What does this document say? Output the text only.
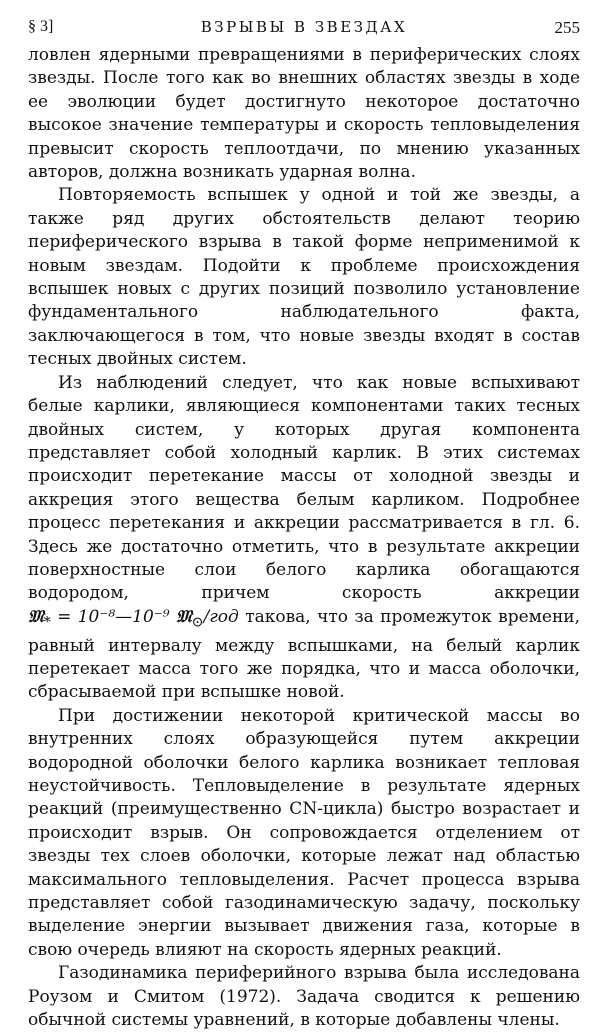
§ 3]	ВЗРЫВЫ В ЗВЕЗДАХ	255

ловлен ядерными превращениями в периферических слоях звезды. После того как во внешних областях звезды в ходе ее эволюции будет достигнуто некоторое достаточно высокое значение температуры и скорость тепловыделения превысит скорость теплоотдачи, по мнению указанных авторов, должна возникать ударная волна.

Повторяемость вспышек у одной и той же звезды, а также ряд других обстоятельств делают теорию периферического взрыва в такой форме неприменимой к новым звездам. Подойти к проблеме происхождения вспышек новых с других позиций позволило установление фундаментального наблюдательного факта, заключающегося в том, что новые звезды входят в состав тесных двойных систем.

Из наблюдений следует, что как новые вспыхивают белые карлики, являющиеся компонентами таких тесных двойных систем, у которых другая компонента представляет собой холодный карлик. В этих системах происходит перетекание массы от холодной звезды и аккреция этого вещества белым карликом. Подробнее процесс перетекания и аккреции рассматривается в гл. 6. Здесь же достаточно отметить, что в результате аккреции поверхностные слои белого карлика обогащаются водородом, причем скорость аккреции 𝔐$_*$ = 10⁻⁸—10⁻⁹ 𝔐$_⊙$/год такова, что за промежуток времени, равный интервалу между вспышками, на белый карлик перетекает масса того же порядка, что и масса оболочки, сбрасываемой при вспышке новой.

При достижении некоторой критической массы во внутренних слоях образующейся путем аккреции водородной оболочки белого карлика возникает тепловая неустойчивость. Тепловыделение в результате ядерных реакций (преимущественно CN-цикла) быстро возрастает и происходит взрыв. Он сопровождается отделением от звезды тех слоев оболочки, которые лежат над областью максимального тепловыделения. Расчет процесса взрыва представляет собой газодинамическую задачу, поскольку выделение энергии вызывает движения газа, которые в свою очередь влияют на скорость ядерных реакций.

Газодинамика периферийного взрыва была исследована Роузом и Смитом (1972). Задача сводится к решению обычной системы уравнений, в которые добавлены члены.
